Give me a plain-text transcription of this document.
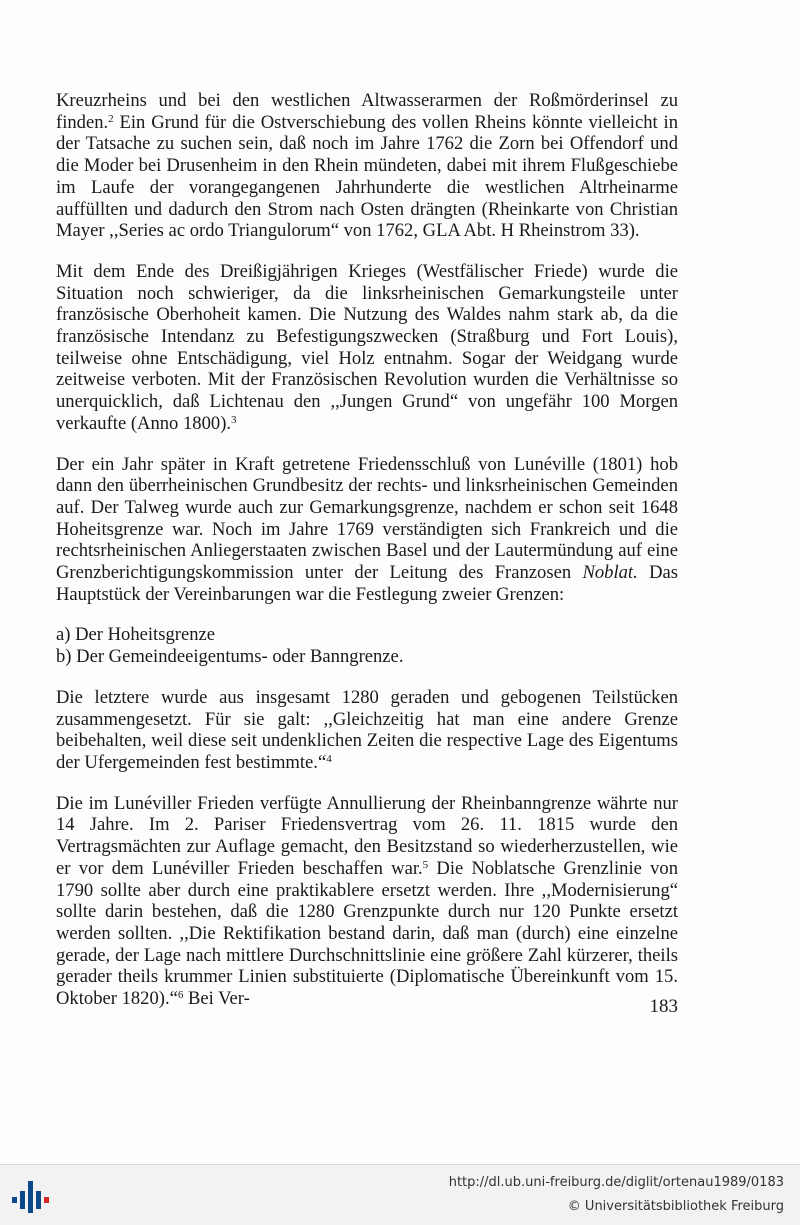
Kreuzrheins und bei den westlichen Altwasserarmen der Roßmörderinsel zu finden.$^2$ Ein Grund für die Ostverschiebung des vollen Rheins könnte vielleicht in der Tatsache zu suchen sein, daß noch im Jahre 1762 die Zorn bei Offendorf und die Moder bei Drusenheim in den Rhein mündeten, dabei mit ihrem Flußgeschiebe im Laufe der vorangegangenen Jahrhunderte die westlichen Altrheinarme auffüllten und dadurch den Strom nach Osten drängten (Rheinkarte von Christian Mayer ,,Series ac ordo Triangulorum“ von 1762, GLA Abt. H Rheinstrom 33).

Mit dem Ende des Dreißigjährigen Krieges (Westfälischer Friede) wurde die Situation noch schwieriger, da die linksrheinischen Gemarkungsteile unter französische Oberhoheit kamen. Die Nutzung des Waldes nahm stark ab, da die französische Intendanz zu Befestigungszwecken (Straßburg und Fort Louis), teilweise ohne Entschädigung, viel Holz entnahm. Sogar der Weidgang wurde zeitweise verboten. Mit der Französischen Revolution wurden die Verhältnisse so unerquicklich, daß Lichtenau den ,,Jungen Grund“ von ungefähr 100 Morgen verkaufte (Anno 1800).$^3$

Der ein Jahr später in Kraft getretene Friedensschluß von Lunéville (1801) hob dann den überrheinischen Grundbesitz der rechts- und linksrheinischen Gemeinden auf. Der Talweg wurde auch zur Gemarkungsgrenze, nachdem er schon seit 1648 Hoheitsgrenze war. Noch im Jahre 1769 verständigten sich Frankreich und die rechtsrheinischen Anliegerstaaten zwischen Basel und der Lautermündung auf eine Grenzberichtigungskommission unter der Leitung des Franzosen Noblat. Das Hauptstück der Vereinbarungen war die Festlegung zweier Grenzen:

a) Der Hoheitsgrenze
b) Der Gemeindeeigentums- oder Banngrenze.

Die letztere wurde aus insgesamt 1280 geraden und gebogenen Teilstücken zusammengesetzt. Für sie galt: ,,Gleichzeitig hat man eine andere Grenze beibehalten, weil diese seit undenklichen Zeiten die respective Lage des Eigentums der Ufergemeinden fest bestimmte.“$^4$

Die im Lunéviller Frieden verfügte Annullierung der Rheinbanngrenze währte nur 14 Jahre. Im 2. Pariser Friedensvertrag vom 26. 11. 1815 wurde den Vertragsmächten zur Auflage gemacht, den Besitzstand so wiederherzustellen, wie er vor dem Lunéviller Frieden beschaffen war.$^5$ Die Noblatsche Grenzlinie von 1790 sollte aber durch eine praktikablere ersetzt werden. Ihre ,,Modernisierung“ sollte darin bestehen, daß die 1280 Grenzpunkte durch nur 120 Punkte ersetzt werden sollten. ,,Die Rektifikation bestand darin, daß man (durch) eine einzelne gerade, der Lage nach mittlere Durchschnittslinie eine größere Zahl kürzerer, theils gerader theils krummer Linien substituierte (Diplomatische Übereinkunft vom 15. Oktober 1820).“$^6$ Bei Ver-	183
http://dl.ub.uni-freiburg.de/diglit/ortenau1989/0183
© Universitätsbibliothek Freiburg
